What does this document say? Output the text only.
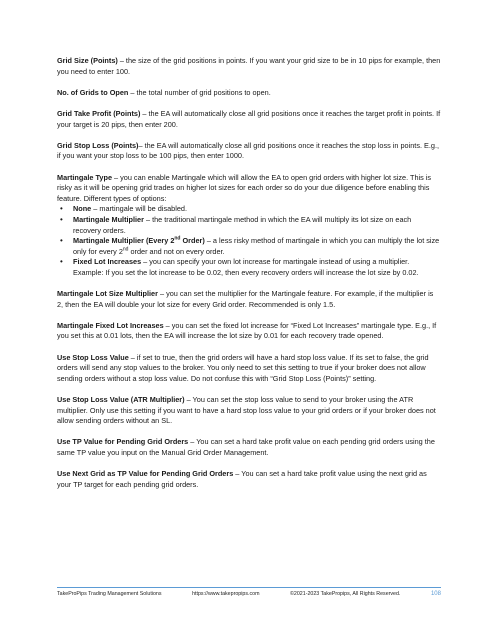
Grid Size (Points) – the size of the grid positions in points. If you want your grid size to be in 10 pips for example, then you need to enter 100.

No. of Grids to Open – the total number of grid positions to open.

Grid Take Profit (Points) – the EA will automatically close all grid positions once it reaches the target profit in points. If your target is 20 pips, then enter 200.

Grid Stop Loss (Points)– the EA will automatically close all grid positions once it reaches the stop loss in points. E.g., if you want your stop loss to be 100 pips, then enter 1000.

Martingale Type – you can enable Martingale which will allow the EA to open grid orders with higher lot size. This is risky as it will be opening grid trades on higher lot sizes for each order so do your due diligence before enabling this feature. Different types of options:

• None – martingale will be disabled.
• Martingale Multiplier – the traditional martingale method in which the EA will multiply its lot size on each recovery orders.
• Martingale Multiplier (Every 2nd Order) – a less risky method of martingale in which you can multiply the lot size only for every 2nd order and not on every order.
• Fixed Lot Increases – you can specify your own lot increase for martingale instead of using a multiplier. Example: If you set the lot increase to be 0.02, then every recovery orders will increase the lot size by 0.02.

Martingale Lot Size Multiplier – you can set the multiplier for the Martingale feature. For example, if the multiplier is 2, then the EA will double your lot size for every Grid order. Recommended is only 1.5.

Martingale Fixed Lot Increases – you can set the fixed lot increase for “Fixed Lot Increases” martingale type. E.g., If you set this at 0.01 lots, then the EA will increase the lot size by 0.01 for each recovery trade opened.

Use Stop Loss Value – if set to true, then the grid orders will have a hard stop loss value. If its set to false, the grid orders will send any stop values to the broker. You only need to set this setting to true if your broker does not allow sending orders without a stop loss value. Do not confuse this with “Grid Stop Loss (Points)” setting.

Use Stop Loss Value (ATR Multiplier) – You can set the stop loss value to send to your broker using the ATR multiplier. Only use this setting if you want to have a hard stop loss value to your grid orders or if your broker does not allow sending orders without an SL.

Use TP Value for Pending Grid Orders – You can set a hard take profit value on each pending grid orders using the same TP value you input on the Manual Grid Order Management.

Use Next Grid as TP Value for Pending Grid Orders – You can set a hard take profit value using the next grid as your TP target for each pending grid orders.

TakeProPips Trading Management Solutions	https://www.takepropips.com	©2021-2023 TakePropips, All Rights Reserved.	108
